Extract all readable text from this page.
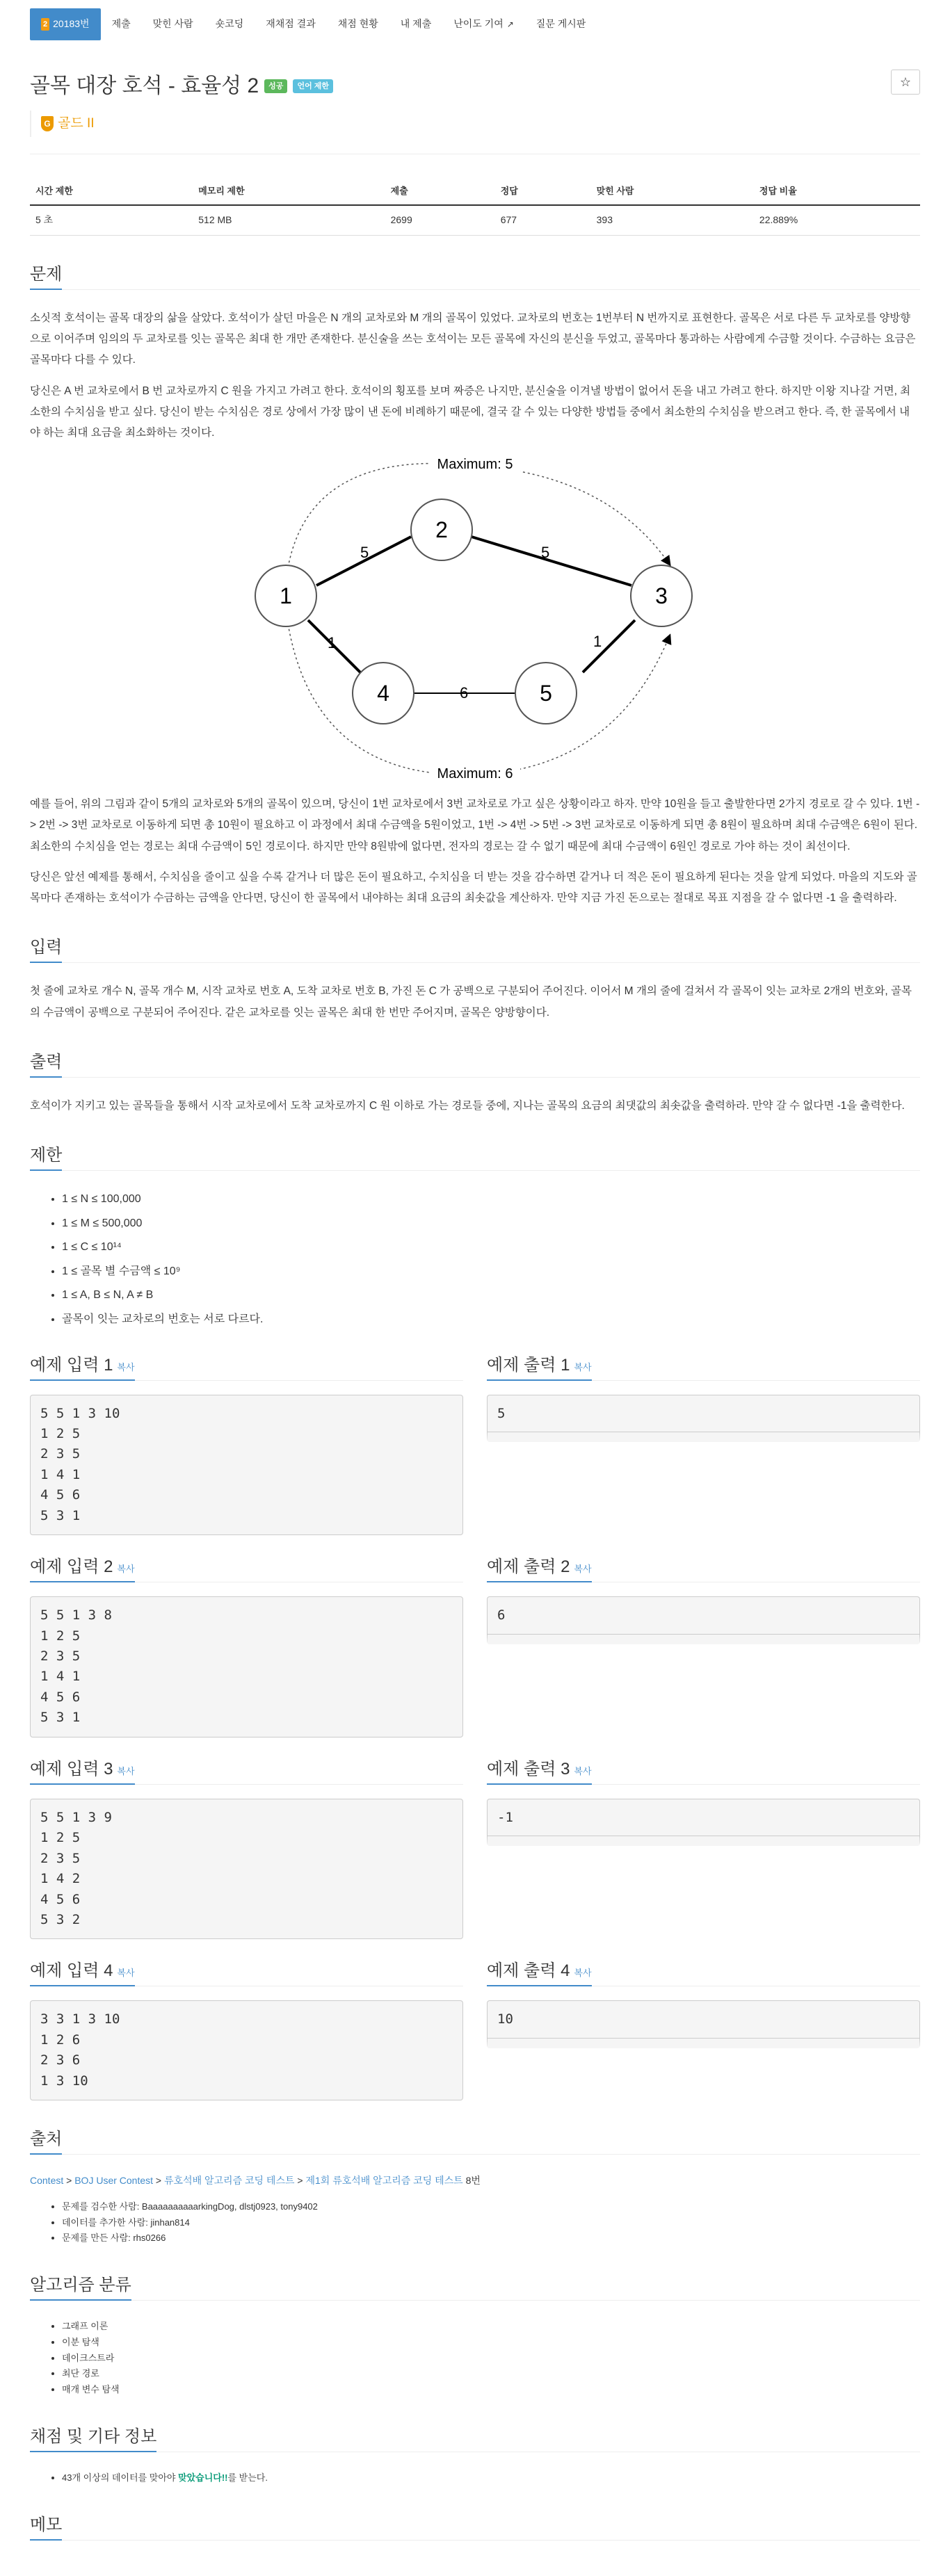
2 20183번	제출	맞힌 사람	숏코딩	재채점 결과	채점 현황	내 제출	난이도 기여 ↗	질문 게시판
골목 대장 호석 - 효율성 2	성공	언어 제한	☆
G 골드 II
시간 제한	메모리 제한	제출	정답	맞힌 사람	정답 비율
5 초	512 MB	2699	677	393	22.889%
문제

소싯적 호석이는 골목 대장의 삶을 살았다. 호석이가 살던 마을은 N 개의 교차로와 M 개의 골목이 있었다. 교차로의 번호는 1번부터 N 번까지로 표현한다. 골목은 서로 다른 두 교차로를 양방향으로 이어주며 임의의 두 교차로를 잇는 골목은 최대 한 개만 존재한다. 분신술을 쓰는 호석이는 모든 골목에 자신의 분신을 두었고, 골목마다 통과하는 사람에게 수금할 것이다. 수금하는 요금은 골목마다 다를 수 있다.

당신은 A 번 교차로에서 B 번 교차로까지 C 원을 가지고 가려고 한다. 호석이의 횡포를 보며 짜증은 나지만, 분신술을 이겨낼 방법이 없어서 돈을 내고 가려고 한다. 하지만 이왕 지나갈 거면, 최소한의 수치심을 받고 싶다. 당신이 받는 수치심은 경로 상에서 가장 많이 낸 돈에 비례하기 때문에, 결국 갈 수 있는 다양한 방법들 중에서 최소한의 수치심을 받으려고 한다. 즉, 한 골목에서 내야 하는 최대 요금을 최소화하는 것이다.

5	5
1
6
1
1
2
3
4	5
Maximum: 5
Maximum: 6

예를 들어, 위의 그림과 같이 5개의 교차로와 5개의 골목이 있으며, 당신이 1번 교차로에서 3번 교차로로 가고 싶은 상황이라고 하자. 만약 10원을 들고 출발한다면 2가지 경로로 갈 수 있다. 1번 -> 2번 -> 3번 교차로로 이동하게 되면 총 10원이 필요하고 이 과정에서 최대 수금액을 5원이었고, 1번 -> 4번 -> 5번 -> 3번 교차로로 이동하게 되면 총 8원이 필요하며 최대 수금액은 6원이 된다. 최소한의 수치심을 얻는 경로는 최대 수금액이 5인 경로이다. 하지만 만약 8원밖에 없다면, 전자의 경로는 갈 수 없기 때문에 최대 수금액이 6원인 경로로 가야 하는 것이 최선이다.

당신은 앞선 예제를 통해서, 수치심을 줄이고 싶을 수록 같거나 더 많은 돈이 필요하고, 수치심을 더 받는 것을 감수하면 같거나 더 적은 돈이 필요하게 된다는 것을 알게 되었다. 마을의 지도와 골목마다 존재하는 호석이가 수금하는 금액을 안다면, 당신이 한 골목에서 내야하는 최대 요금의 최솟값을 계산하자. 만약 지금 가진 돈으로는 절대로 목표 지점을 갈 수 없다면 -1 을 출력하라.

입력

첫 줄에 교차로 개수 N, 골목 개수 M, 시작 교차로 번호 A, 도착 교차로 번호 B, 가진 돈 C 가 공백으로 구분되어 주어진다. 이어서 M 개의 줄에 걸쳐서 각 골목이 잇는 교차로 2개의 번호와, 골목의 수금액이 공백으로 구분되어 주어진다. 같은 교차로를 잇는 골목은 최대 한 번만 주어지며, 골목은 양방향이다.

출력

호석이가 지키고 있는 골목들을 통해서 시작 교차로에서 도착 교차로까지 C 원 이하로 가는 경로들 중에, 지나는 골목의 요금의 최댓값의 최솟값을 출력하라. 만약 갈 수 없다면 -1을 출력한다.

제한
• 1 ≤ N ≤ 100,000
• 1 ≤ M ≤ 500,000
• 1 ≤ C ≤ 10¹⁴
• 1 ≤ 골목 별 수금액 ≤ 10⁹
• 1 ≤ A, B ≤ N, A ≠ B
• 골목이 잇는 교차로의 번호는 서로 다르다.
예제 입력 1 복사
5 5 1 3 10
1 2 5
2 3 5
1 4 1
4 5 6
5 3 1
예제 출력 1 복사
5
예제 입력 2 복사
5 5 1 3 8
1 2 5
2 3 5
1 4 1
4 5 6
5 3 1
예제 출력 2 복사
6
예제 입력 3 복사
5 5 1 3 9
1 2 5
2 3 5
1 4 2
4 5 6
5 3 2
예제 출력 3 복사
-1
예제 입력 4 복사
3 3 1 3 10
1 2 6
2 3 6
1 3 10
예제 출력 4 복사
10
출처
Contest > BOJ User Contest > 류호석배 알고리즘 코딩 테스트 > 제1회 류호석배 알고리즘 코딩 테스트 8번
• 문제를 검수한 사람: BaaaaaaaaaarkingDog, dlstj0923, tony9402
• 데이터를 추가한 사람: jinhan814
• 문제를 만든 사람: rhs0266
알고리즘 분류
• 그래프 이론
• 이분 탐색
• 데이크스트라
• 최단 경로
• 매개 변수 탐색
채점 및 기타 정보
• 43개 이상의 데이터를 맞아야 맞았습니다!!를 받는다.
메모
